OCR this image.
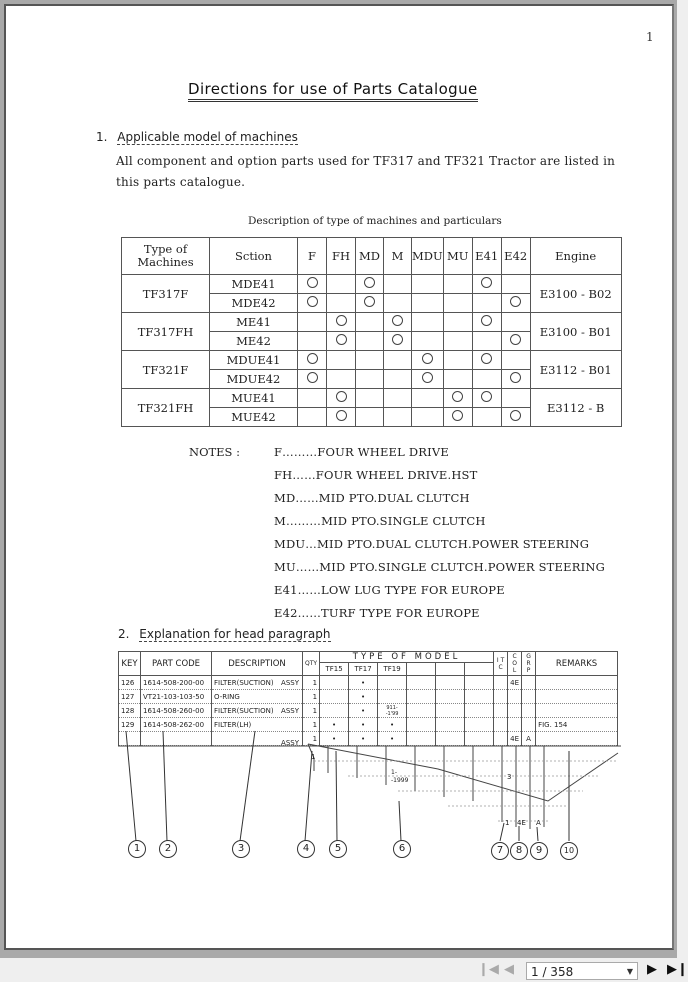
1
Directions for use of Parts Catalogue
1. Applicable model of machines
All component and option parts used for TF317 and TF321 Tractor are listed in
this parts catalogue.
Description of type of machines and particulars
Type of Machines	Sction	F	FH	MD	M	MDU	MU	E41	E42	Engine
TF317F	MDE41									E3100 - B02
	MDE42									
TF317FH	ME41									E3100 - B01
	ME42									
TF321F	MDUE41									E3112 - B01
	MDUE42									
TF321FH	MUE41									E3112 - B
	MUE42									
NOTES :	F………FOUR WHEEL DRIVE
FH……FOUR WHEEL DRIVE.HST
MD……MID PTO.DUAL CLUTCH
M………MID PTO.SINGLE CLUTCH
MDU…MID PTO.DUAL CLUTCH.POWER STEERING
MU……MID PTO.SINGLE CLUTCH.POWER STEERING
E41……LOW LUG TYPE FOR EUROPE
E42……TURF TYPE FOR EUROPE
2. Explanation for head paragraph
KEY	PART CODE	DESCRIPTION	QTY	TYPE OF MODEL						I T C	C O L	G R P	REMARKS
				TF15	TF17	TF19							
126	1614-508-200-00	FILTER(SUCTION) ASSY	1		•						4E		
127	VT21-103-103-50	O-RING	1		•								
128	1614-508-260-00	FILTER(SUCTION) ASSY	1		•	911- -1'99							
129	1614-508-262-00	FILTER(LH)	1	•	•	•							FIG. 154

		ASSY	1	•	•	•					4E	A	
1
1- -1999	3
1 4E A
1	2	3	4	5	6	7	8	9	10
❙◀ ◀	▶ ▶❙
1 / 358	▼
